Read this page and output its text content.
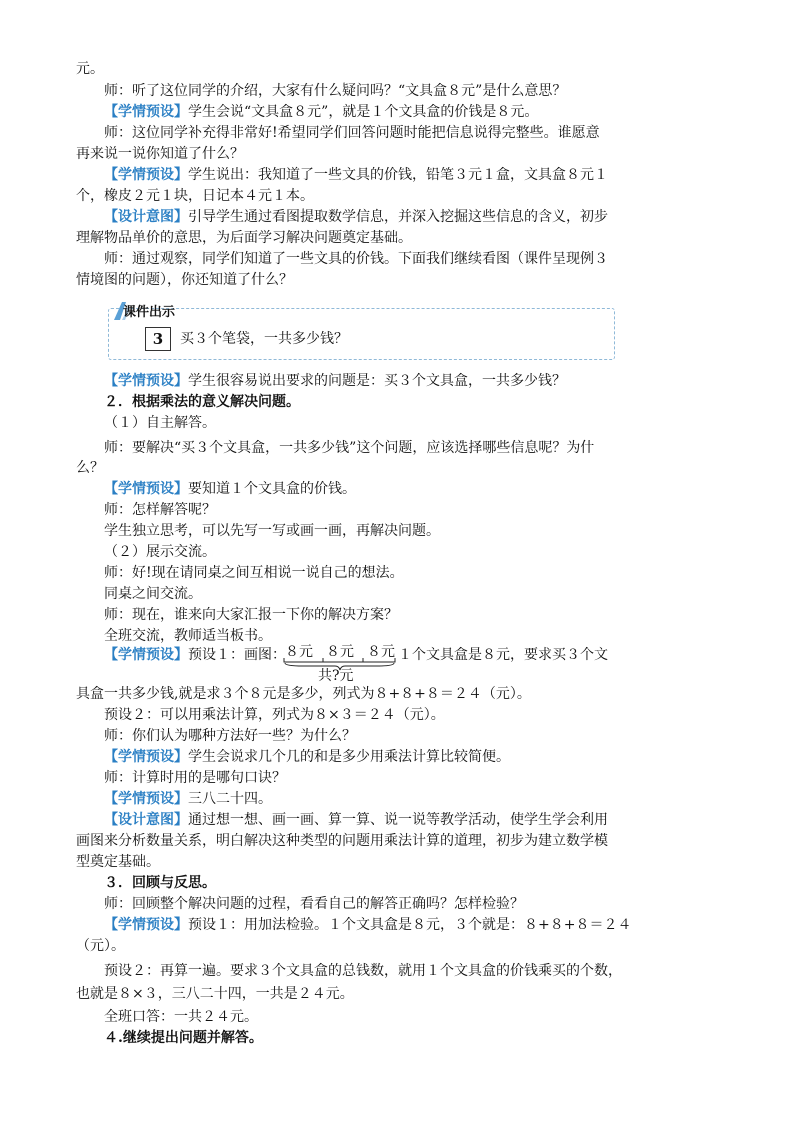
元。
师：听了这位同学的介绍，大家有什么疑问吗？“文具盒８元”是什么意思？
【学情预设】学生会说“文具盒８元”，就是１个文具盒的价钱是８元。
师：这位同学补充得非常好!希望同学们回答问题时能把信息说得完整些。谁愿意
再来说一说你知道了什么？
【学情预设】学生说出：我知道了一些文具的价钱，铅笔３元１盒，文具盒８元１
个，橡皮２元１块，日记本４元１本。
【设计意图】引导学生通过看图提取数学信息，并深入挖掘这些信息的含义，初步
理解物品单价的意思，为后面学习解决问题奠定基础。
师：通过观察，同学们知道了一些文具的价钱。下面我们继续看图（课件呈现例３
情境图的问题），你还知道了什么？
课件出示
3	买３个笔袋，一共多少钱？
【学情预设】学生很容易说出要求的问题是：买３个文具盒，一共多少钱？
２．根据乘法的意义解决问题。
（１）自主解答。
师：要解决“买３个文具盒，一共多少钱”这个问题，应该选择哪些信息呢？为什
么？
【学情预设】要知道１个文具盒的价钱。
师：怎样解答呢？
学生独立思考，可以先写一写或画一画，再解决问题。
（２）展示交流。
师：好!现在请同桌之间互相说一说自己的想法。
同桌之间交流。
师：现在，谁来向大家汇报一下你的解决方案？
全班交流，教师适当板书。
【学情预设】预设１：画图： ８元 ８元 ８元
共?元
１个文具盒是８元，要求买３个文
具盒一共多少钱,就是求３个８元是多少，列式为８+８+８＝２４（元）。
预设２：可以用乘法计算，列式为８×３＝２４（元）。
师：你们认为哪种方法好一些？为什么？
【学情预设】学生会说求几个几的和是多少用乘法计算比较简便。
师：计算时用的是哪句口诀？
【学情预设】三八二十四。
【设计意图】通过想一想、画一画、算一算、说一说等教学活动，使学生学会利用
画图来分析数量关系，明白解决这种类型的问题用乘法计算的道理，初步为建立数学模
型奠定基础。
３．回顾与反思。
师：回顾整个解决问题的过程，看看自己的解答正确吗？怎样检验？
【学情预设】预设１：用加法检验。１个文具盒是８元，３个就是：８+８+８＝２４
（元）。
预设２：再算一遍。要求３个文具盒的总钱数，就用１个文具盒的价钱乘买的个数，
也就是８×３，三八二十四，一共是２４元。
全班口答：一共２４元。
４.继续提出问题并解答。
